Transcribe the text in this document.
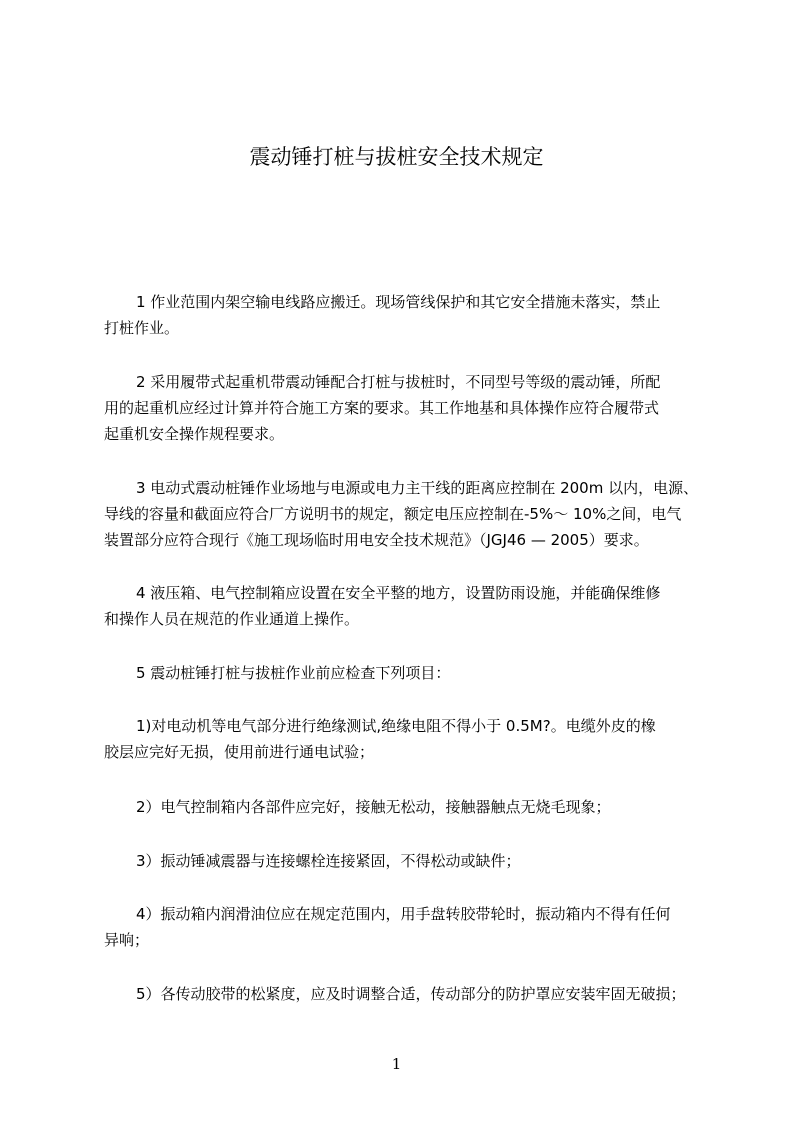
震动锤打桩与拔桩安全技术规定
1 作业范围内架空输电线路应搬迁。现场管线保护和其它安全措施未落实，禁止
打桩作业。
2 采用履带式起重机带震动锤配合打桩与拔桩时，不同型号等级的震动锤，所配
用的起重机应经过计算并符合施工方案的要求。其工作地基和具体操作应符合履带式
起重机安全操作规程要求。
3 电动式震动桩锤作业场地与电源或电力主干线的距离应控制在 200m 以内，电源、
导线的容量和截面应符合厂方说明书的规定，额定电压应控制在-5%～ 10%之间，电气
装置部分应符合现行《施工现场临时用电安全技术规范》（JGJ46 — 2005）要求。
4 液压箱、电气控制箱应设置在安全平整的地方，设置防雨设施，并能确保维修
和操作人员在规范的作业通道上操作。
5 震动桩锤打桩与拔桩作业前应检查下列项目：
1)对电动机等电气部分进行绝缘测试,绝缘电阻不得小于 0.5M?。电缆外皮的橡
胶层应完好无损，使用前进行通电试验；
2）电气控制箱内各部件应完好，接触无松动，接触器触点无烧毛现象；
3）振动锤减震器与连接螺栓连接紧固，不得松动或缺件；
4）振动箱内润滑油位应在规定范围内，用手盘转胶带轮时，振动箱内不得有任何
异响；
5）各传动胶带的松紧度，应及时调整合适，传动部分的防护罩应安装牢固无破损；
1
